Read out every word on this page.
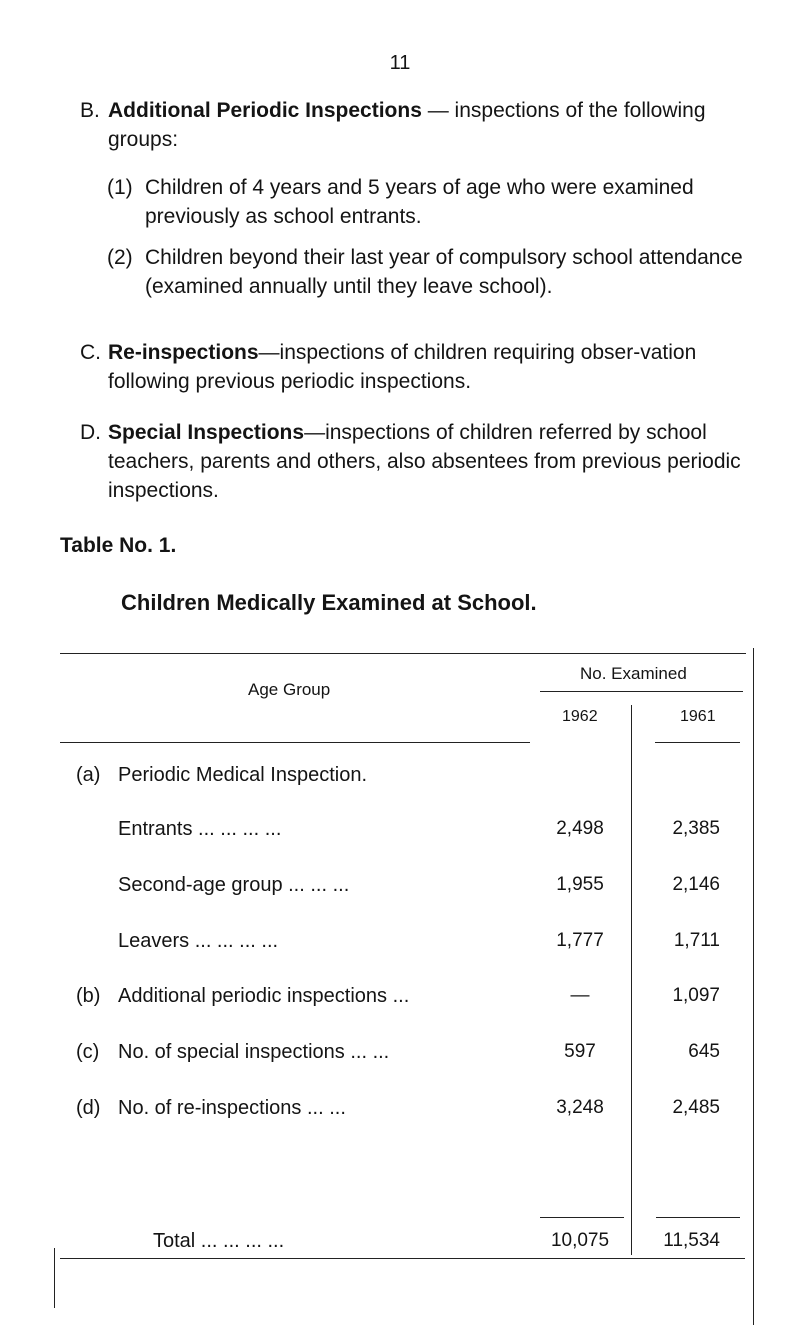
11
B. Additional Periodic Inspections — inspections of the following groups:
(1) Children of 4 years and 5 years of age who were examined previously as school entrants.
(2) Children beyond their last year of compulsory school attendance (examined annually until they leave school).
C. Re-inspections—inspections of children requiring obser-vation following previous periodic inspections.
D. Special Inspections—inspections of children referred by school teachers, parents and others, also absentees from previous periodic inspections.
Table No. 1.
Children Medically Examined at School.
Age Group
No. Examined
1962	1961
(a) Periodic Medical Inspection.
Entrants ... ... ... ...	2,498	2,385
Second-age group ... ... ...	1,955	2,146
Leavers ... ... ... ...	1,777	1,711
(b) Additional periodic inspections ...	—	1,097
(c) No. of special inspections ... ...	597	645
(d) No. of re-inspections ... ...	3,248	2,485
Total ... ... ... ...	10,075	11,534
